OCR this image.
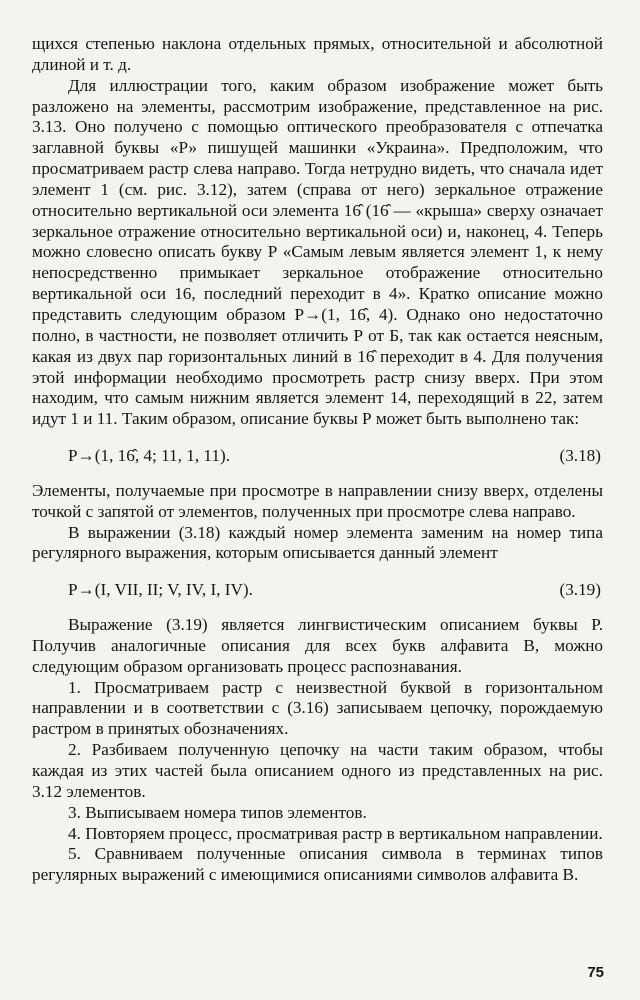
щихся степенью наклона отдельных прямых, относительной и абсолютной длиной и т. д.

Для иллюстрации того, каким образом изображение может быть разложено на элементы, рассмотрим изображение, представленное на рис. 3.13. Оно получено с помощью оптического преобразователя с отпечатка заглавной буквы «Р» пишущей машинки «Украина». Предположим, что просматриваем растр слева направо. Тогда нетрудно видеть, что сначала идет элемент 1 (см. рис. 3.12), затем (справа от него) зеркальное отражение относительно вертикальной оси элемента 16̂ (16̂ — «крыша» сверху означает зеркальное отражение относительно вертикальной оси) и, наконец, 4. Теперь можно словесно описать букву Р «Самым левым является элемент 1, к нему непосредственно примыкает зеркальное отображение относительно вертикальной оси 16, последний переходит в 4». Кратко описание можно представить следующим образом Р→(1, 16̂, 4). Однако оно недостаточно полно, в частности, не позволяет отличить Р от Б, так как остается неясным, какая из двух пар горизонтальных линий в 16̂ переходит в 4. Для получения этой информации необходимо просмотреть растр снизу вверх. При этом находим, что самым нижним является элемент 14, переходящий в 22, затем идут 1 и 11. Таким образом, описание буквы Р может быть выполнено так:

Р→(1, 16̂, 4; 11, 1, 11).	(3.18)

Элементы, получаемые при просмотре в направлении снизу вверх, отделены точкой с запятой от элементов, полученных при просмотре слева направо.

В выражении (3.18) каждый номер элемента заменим на номер типа регулярного выражения, которым описывается данный элемент

Р→(I, VII, II; V, IV, I, IV).	(3.19)

Выражение (3.19) является лингвистическим описанием буквы Р. Получив аналогичные описания для всех букв алфавита В, можно следующим образом организовать процесс распознавания.

1. Просматриваем растр с неизвестной буквой в горизонтальном направлении и в соответствии с (3.16) записываем цепочку, порождаемую растром в принятых обозначениях.

2. Разбиваем полученную цепочку на части таким образом, чтобы каждая из этих частей была описанием одного из представленных на рис. 3.12 элементов.

3. Выписываем номера типов элементов.

4. Повторяем процесс, просматривая растр в вертикальном направлении.

5. Сравниваем полученные описания символа в терминах типов регулярных выражений с имеющимися описаниями символов алфавита В.

75
